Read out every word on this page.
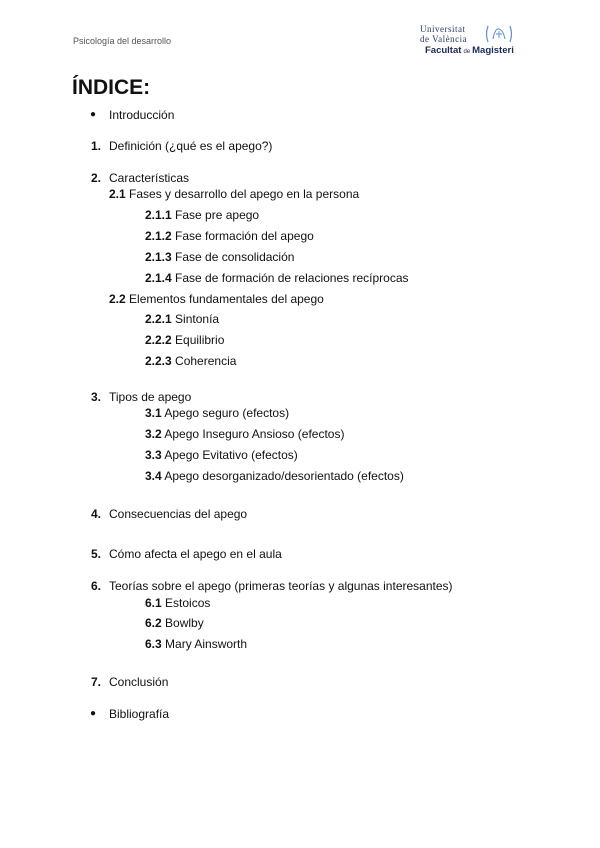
Psicología del desarrollo
Universitat
de València
Facultat de Magisteri
ÍNDICE:
● Introducción
1. Definición (¿qué es el apego?)
2. Características
2.1 Fases y desarrollo del apego en la persona
2.1.1 Fase pre apego
2.1.2 Fase formación del apego
2.1.3 Fase de consolidación
2.1.4 Fase de formación de relaciones recíprocas
2.2 Elementos fundamentales del apego
2.2.1 Sintonía
2.2.2 Equilibrio
2.2.3 Coherencia
3. Tipos de apego
3.1 Apego seguro (efectos)
3.2 Apego Inseguro Ansioso (efectos)
3.3 Apego Evitativo (efectos)
3.4 Apego desorganizado/desorientado (efectos)
4. Consecuencias del apego
5. Cómo afecta el apego en el aula
6. Teorías sobre el apego (primeras teorías y algunas interesantes)
6.1 Estoicos
6.2 Bowlby
6.3 Mary Ainsworth
7. Conclusión
● Bibliografía
